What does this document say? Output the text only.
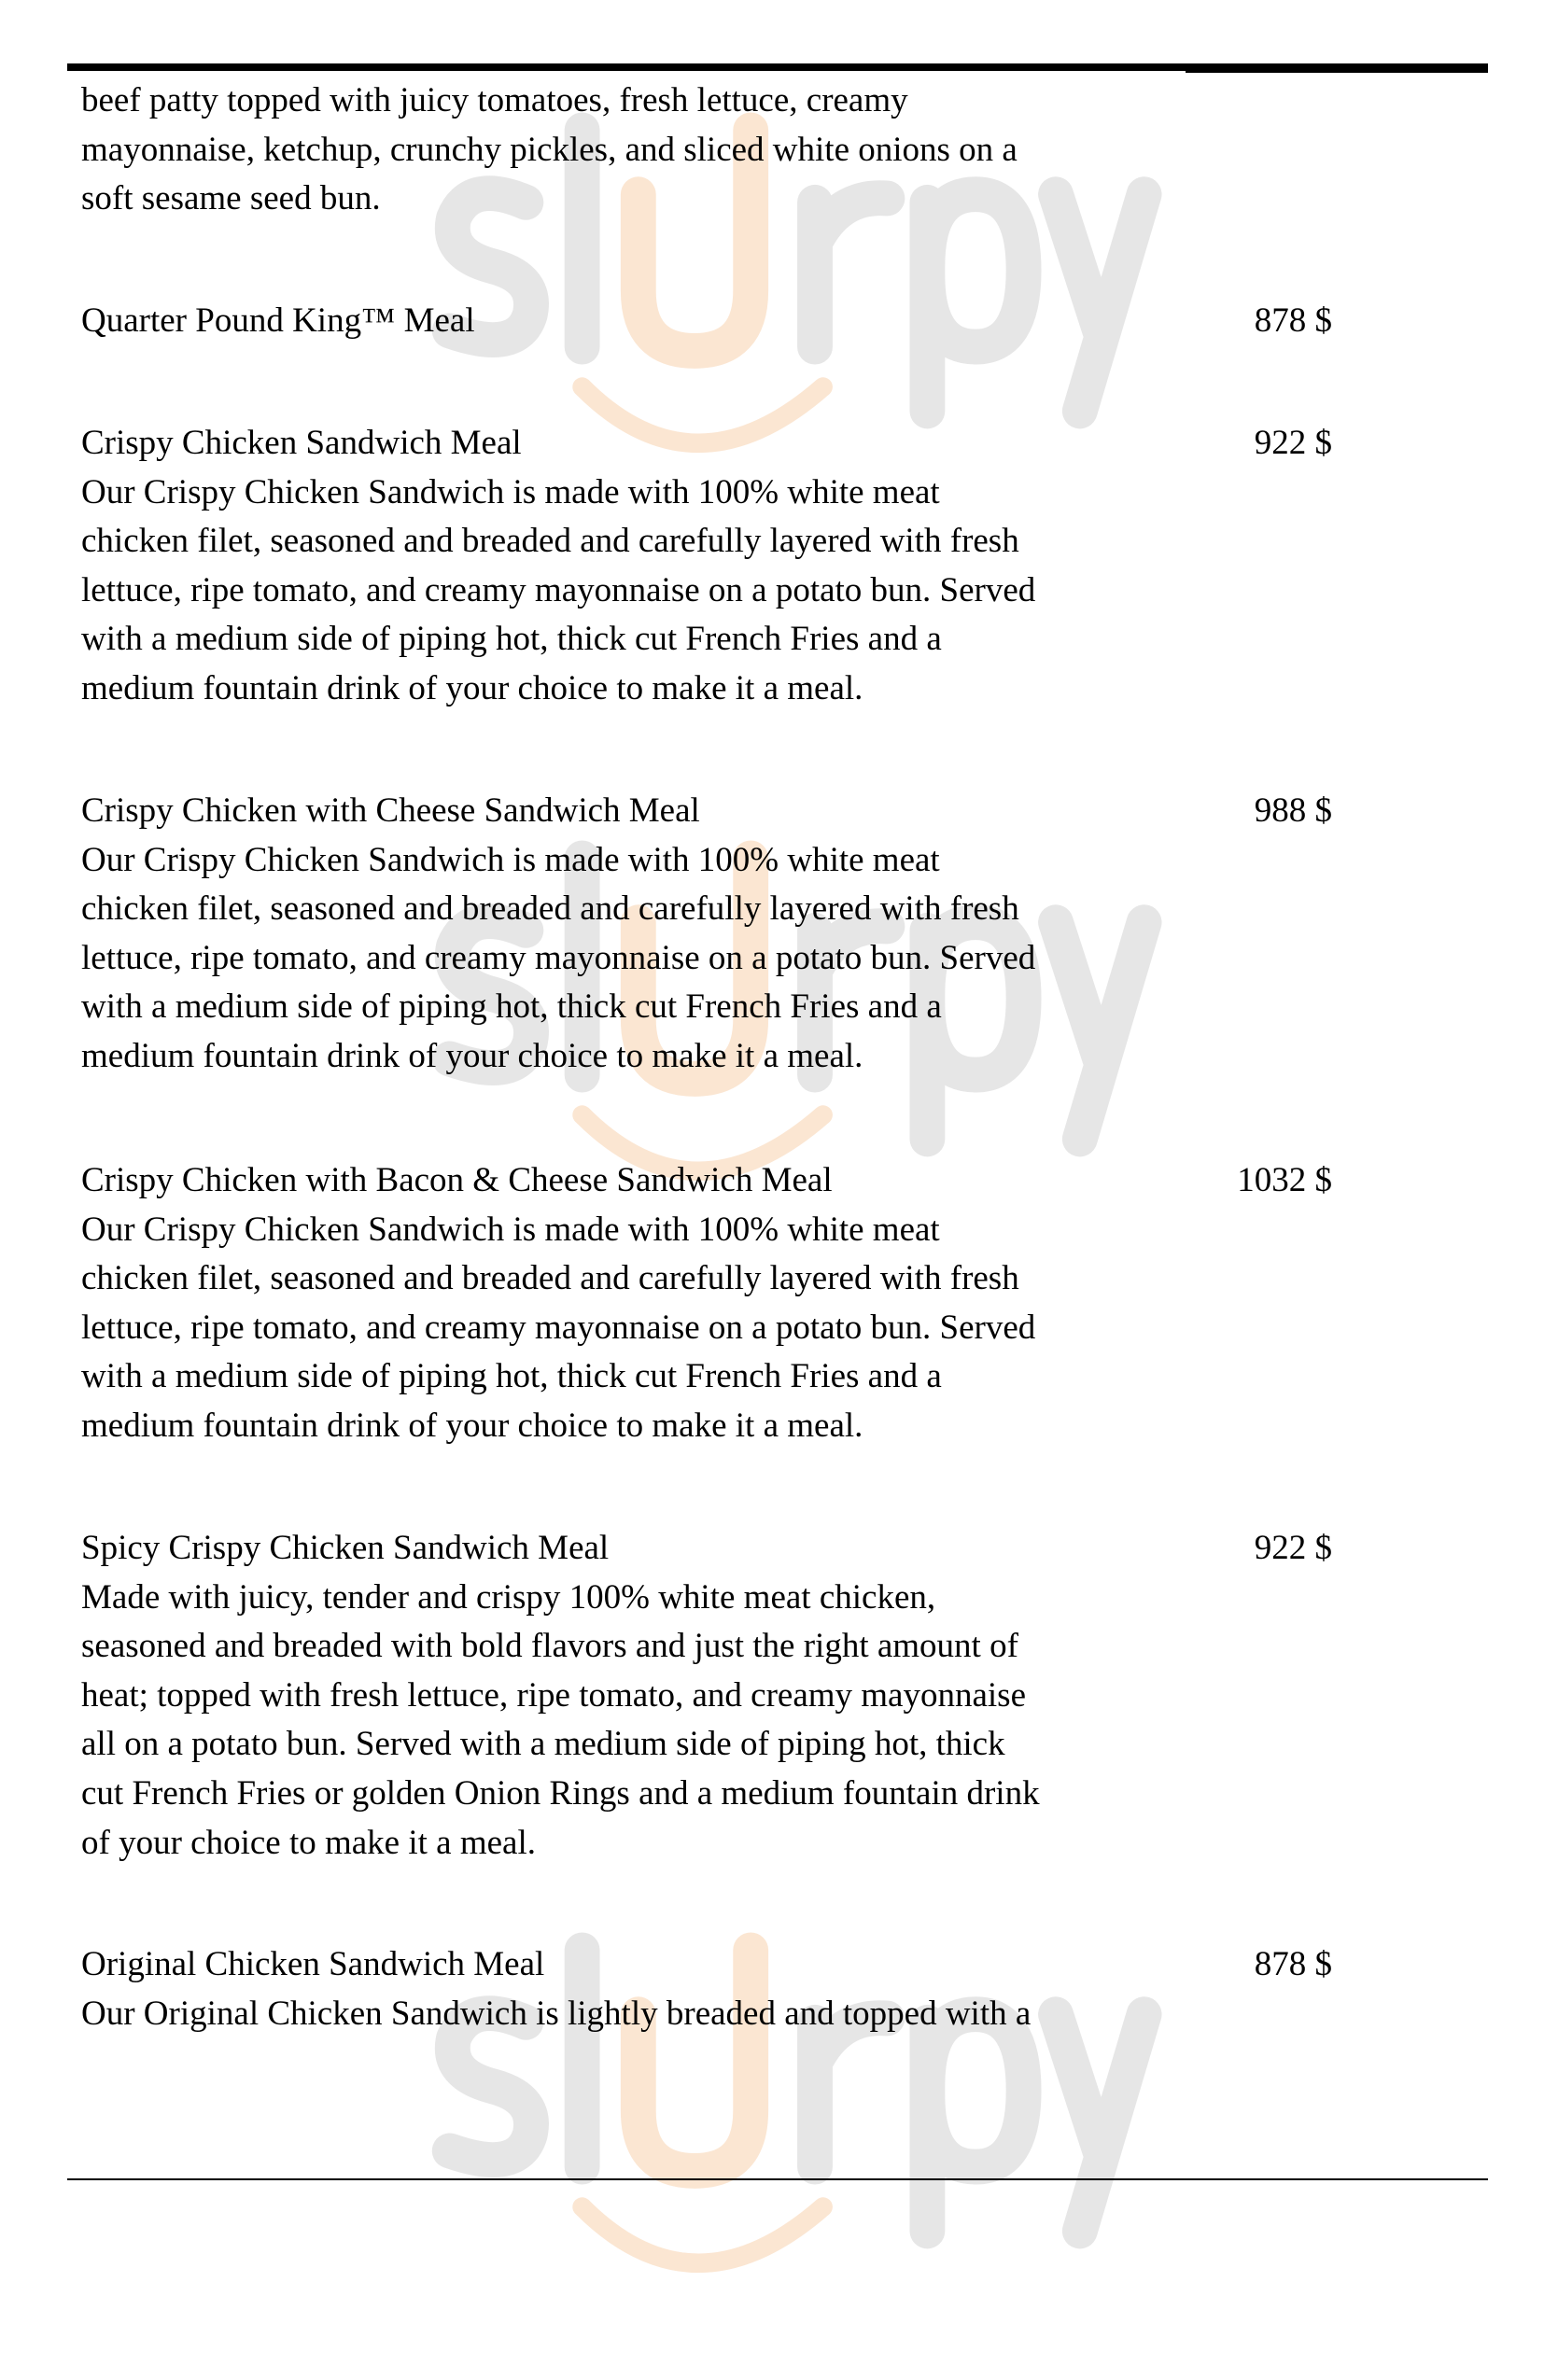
beef patty topped with juicy tomatoes, fresh lettuce, creamy
mayonnaise, ketchup, crunchy pickles, and sliced white onions on a
soft sesame seed bun.
Quarter Pound King™ Meal	878 $
Crispy Chicken Sandwich Meal	922 $
Our Crispy Chicken Sandwich is made with 100% white meat
chicken filet, seasoned and breaded and carefully layered with fresh
lettuce, ripe tomato, and creamy mayonnaise on a potato bun. Served
with a medium side of piping hot, thick cut French Fries and a
medium fountain drink of your choice to make it a meal.
Crispy Chicken with Cheese Sandwich Meal	988 $
Our Crispy Chicken Sandwich is made with 100% white meat
chicken filet, seasoned and breaded and carefully layered with fresh
lettuce, ripe tomato, and creamy mayonnaise on a potato bun. Served
with a medium side of piping hot, thick cut French Fries and a
medium fountain drink of your choice to make it a meal.
Crispy Chicken with Bacon & Cheese Sandwich Meal	1032 $
Our Crispy Chicken Sandwich is made with 100% white meat
chicken filet, seasoned and breaded and carefully layered with fresh
lettuce, ripe tomato, and creamy mayonnaise on a potato bun. Served
with a medium side of piping hot, thick cut French Fries and a
medium fountain drink of your choice to make it a meal.
Spicy Crispy Chicken Sandwich Meal	922 $
Made with juicy, tender and crispy 100% white meat chicken,
seasoned and breaded with bold flavors and just the right amount of
heat; topped with fresh lettuce, ripe tomato, and creamy mayonnaise
all on a potato bun. Served with a medium side of piping hot, thick
cut French Fries or golden Onion Rings and a medium fountain drink
of your choice to make it a meal.
Original Chicken Sandwich Meal	878 $
Our Original Chicken Sandwich is lightly breaded and topped with a
